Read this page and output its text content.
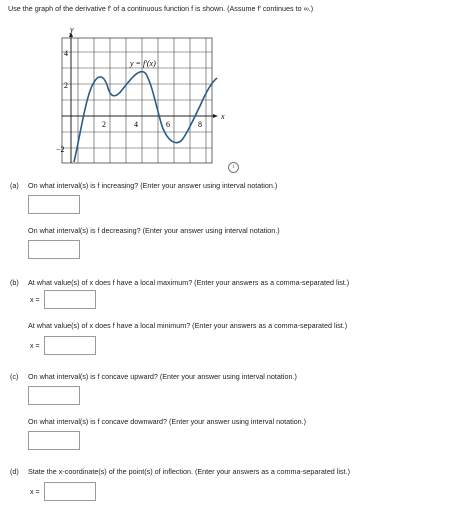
Use the graph of the derivative f' of a continuous function f is shown. (Assume f' continues to ∞.)
y
x
4
2
−2
2	4	6	8
y = f'(x)
i
(a) On what interval(s) is f increasing? (Enter your answer using interval notation.)
On what interval(s) is f decreasing? (Enter your answer using interval notation.)
(b) At what value(s) of x does f have a local maximum? (Enter your answers as a comma-separated list.)
x =
At what value(s) of x does f have a local minimum? (Enter your answers as a comma-separated list.)
x =
(c) On what interval(s) is f concave upward? (Enter your answer using interval notation.)
On what interval(s) is f concave downward? (Enter your answer using interval notation.)
(d) State the x-coordinate(s) of the point(s) of inflection. (Enter your answers as a comma-separated list.)
x =
